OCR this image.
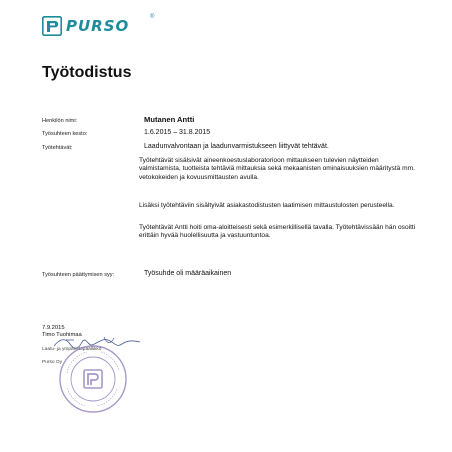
PURSO	®
Työtodistus
Henkilön nimi:	Mutanen Antti
Työsuhteen kesto:	1.6.2015 – 31.8.2015
Työtehtävät:	Laadunvalvontaan ja laadunvarmistukseen liittyvät tehtävät.

Työtehtävät sisälsivät aineenkoestuslaboratorioon mittaukseen tulevien näytteiden valmistamista, tuotteista tehtäviä mittauksia sekä mekaanisten ominaisuuksien määritystä mm. vetokokeiden ja kovuusmittausten avulla.

Lisäksi työtehtäviin sisältyivät asiakastodistusten laatimisen mittaustulosten perusteella.

Työtehtävät Antti hoiti oma-aloitteisesti sekä esimerkillisellä tavalla. Työtehtävissään hän osoitti erittäin hyvää huolellisuutta ja vastuuntuntoa.

Työsuhteen päättymisen syy:	Työsuhde oli määräaikainen
7.9.2015
Timo Tuohimaa
Laatu- ja ympäristöpäällikkö
Purso Oy
